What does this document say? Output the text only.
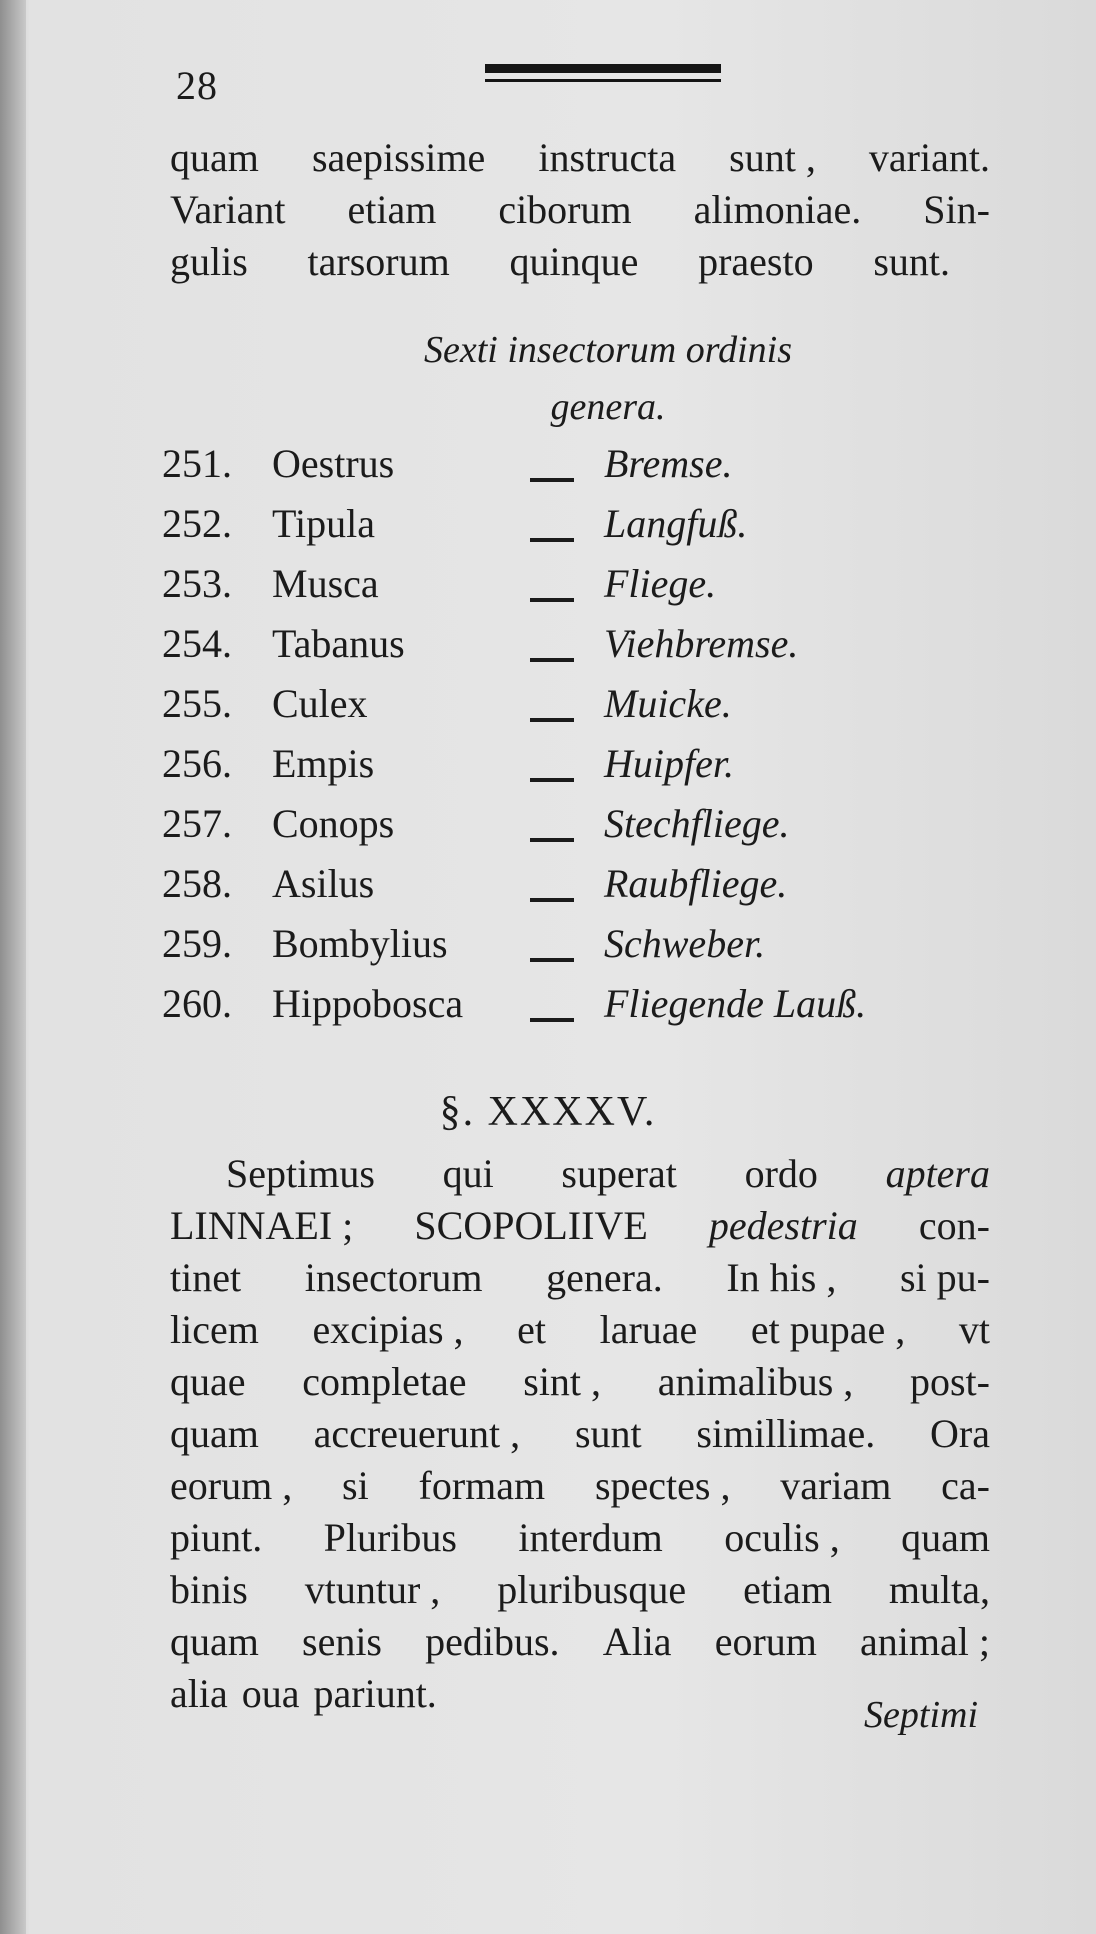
28
quam saepissime instructa sunt , variant.
Variant etiam ciborum alimoniae. Sin-
gulis tarsorum quinque praesto sunt.
Sexti insectorum ordinis
genera.
251. Oestrus	Bremse.
252. Tipula	Langfuß.
253. Musca	Fliege.
254. Tabanus	Viehbremse.
255. Culex	Muicke.
256. Empis	Huipfer.
257. Conops	Stechfliege.
258. Asilus	Raubfliege.
259. Bombylius	Schweber.
260. Hippobosca	Fliegende Lauß.
§. XXXXV.
Septimus qui superat ordo aptera
LINNAEI ; SCOPOLIIVE pedestria con-
tinet insectorum genera. In his , si pu-
licem excipias , et laruae et pupae , vt
quae completae sint , animalibus , post-
quam accreuerunt , sunt simillimae. Ora
eorum , si formam spectes , variam ca-
piunt. Pluribus interdum oculis , quam
binis vtuntur , pluribusque etiam multa,
quam senis pedibus. Alia eorum animal ;
alia oua pariunt.	Septimi
